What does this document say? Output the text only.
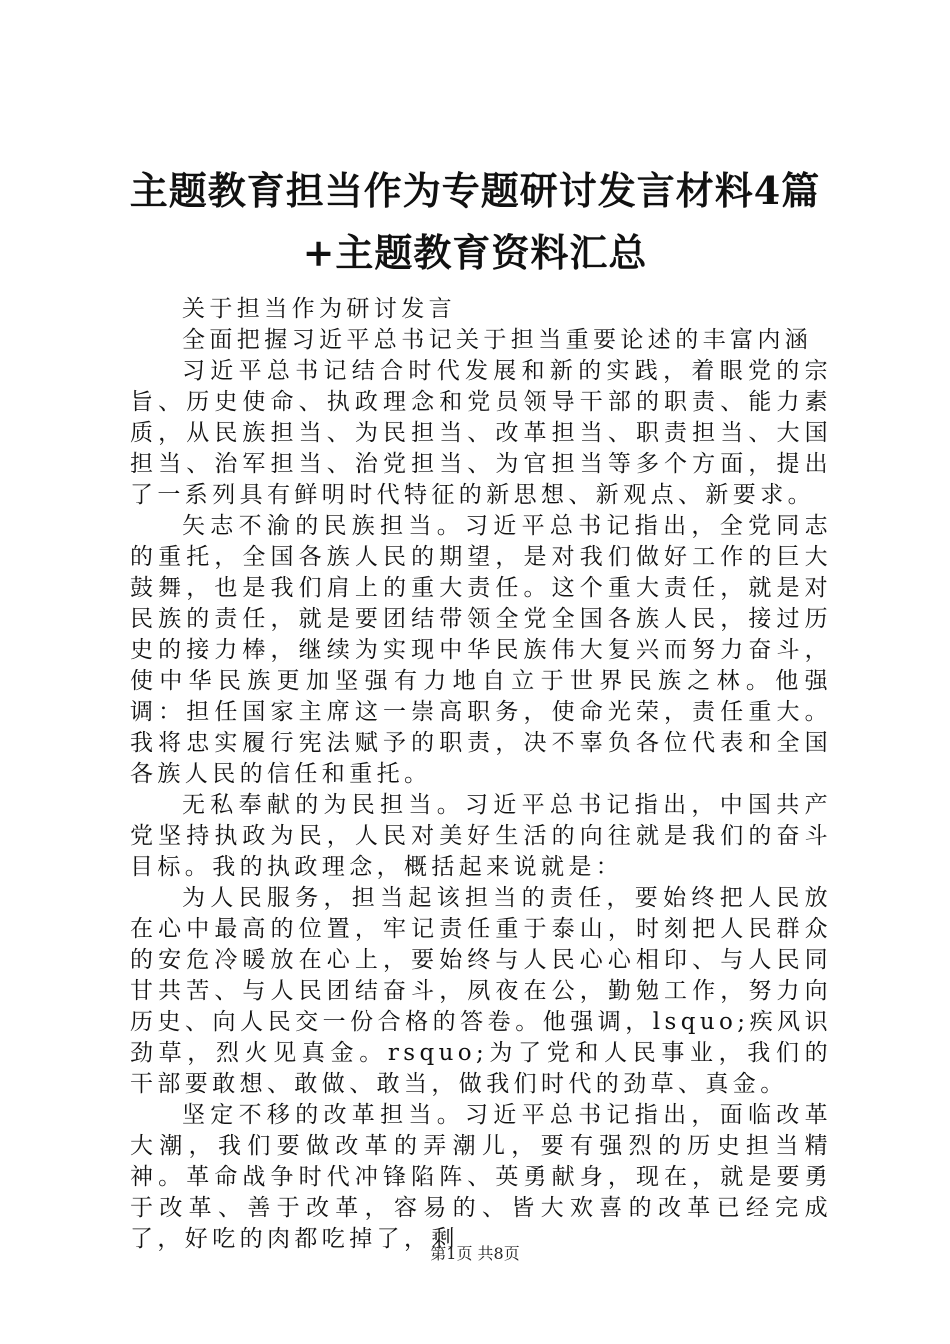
主题教育担当作为专题研讨发言材料4篇+主题教育资料汇总

关于担当作为研讨发言

全面把握习近平总书记关于担当重要论述的丰富内涵

习近平总书记结合时代发展和新的实践，着眼党的宗旨、历史使命、执政理念和党员领导干部的职责、能力素质，从民族担当、为民担当、改革担当、职责担当、大国担当、治军担当、治党担当、为官担当等多个方面，提出了一系列具有鲜明时代特征的新思想、新观点、新要求。

矢志不渝的民族担当。习近平总书记指出，全党同志的重托，全国各族人民的期望，是对我们做好工作的巨大鼓舞，也是我们肩上的重大责任。这个重大责任，就是对民族的责任，就是要团结带领全党全国各族人民，接过历史的接力棒，继续为实现中华民族伟大复兴而努力奋斗，使中华民族更加坚强有力地自立于世界民族之林。他强调：担任国家主席这一崇高职务，使命光荣，责任重大。我将忠实履行宪法赋予的职责，决不辜负各位代表和全国各族人民的信任和重托。

无私奉献的为民担当。习近平总书记指出，中国共产党坚持执政为民，人民对美好生活的向往就是我们的奋斗目标。我的执政理念，概括起来说就是：

为人民服务，担当起该担当的责任，要始终把人民放在心中最高的位置，牢记责任重于泰山，时刻把人民群众的安危冷暖放在心上，要始终与人民心心相印、与人民同甘共苦、与人民团结奋斗，夙夜在公，勤勉工作，努力向历史、向人民交一份合格的答卷。他强调，lsquo;疾风识劲草，烈火见真金。rsquo;为了党和人民事业，我们的干部要敢想、敢做、敢当，做我们时代的劲草、真金。

坚定不移的改革担当。习近平总书记指出，面临改革大潮，我们要做改革的弄潮儿，要有强烈的历史担当精神。革命战争时代冲锋陷阵、英勇献身，现在，就是要勇于改革、善于改革，容易的、皆大欢喜的改革已经完成了，好吃的肉都吃掉了，剩

第1页 共8页
